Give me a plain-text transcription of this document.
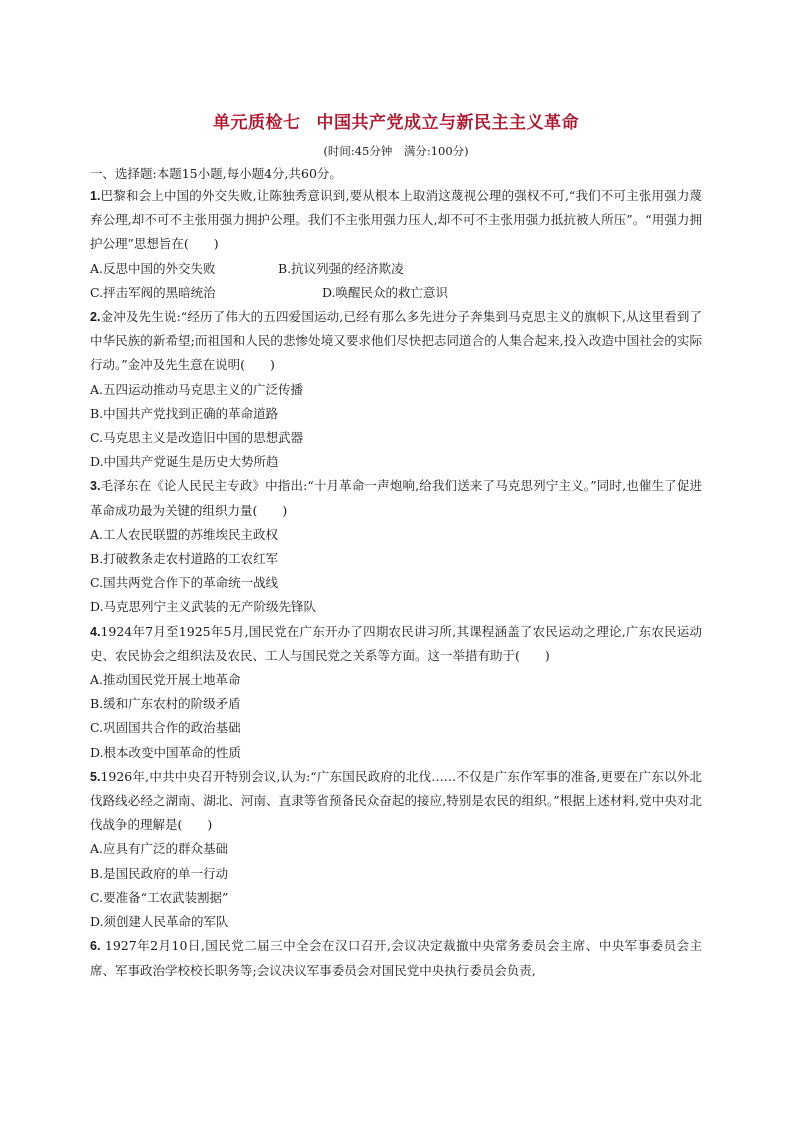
单元质检七 中国共产党成立与新民主主义革命
(时间:45分钟　满分:100分)

一、选择题:本题15小题,每小题4分,共60分。

1.巴黎和会上中国的外交失败,让陈独秀意识到,要从根本上取消这蔑视公理的强权不可,“我们不可主张用强力蔑弃公理,却不可不主张用强力拥护公理。我们不主张用强力压人,却不可不主张用强力抵抗被人所压”。“用强力拥护公理”思想旨在(　　)

A.反思中国的外交失败	B.抗议列强的经济欺凌

C.抨击军阀的黑暗统治	D.唤醒民众的救亡意识

2.金冲及先生说:“经历了伟大的五四爱国运动,已经有那么多先进分子奔集到马克思主义的旗帜下,从这里看到了中华民族的新希望;而祖国和人民的悲惨处境又要求他们尽快把志同道合的人集合起来,投入改造中国社会的实际行动。”金冲及先生意在说明(　　)

A.五四运动推动马克思主义的广泛传播

B.中国共产党找到正确的革命道路

C.马克思主义是改造旧中国的思想武器

D.中国共产党诞生是历史大势所趋

3.毛泽东在《论人民民主专政》中指出:“十月革命一声炮响,给我们送来了马克思列宁主义。”同时,也催生了促进革命成功最为关键的组织力量(　　)

A.工人农民联盟的苏维埃民主政权

B.打破教条走农村道路的工农红军

C.国共两党合作下的革命统一战线

D.马克思列宁主义武装的无产阶级先锋队

4.1924年7月至1925年5月,国民党在广东开办了四期农民讲习所,其课程涵盖了农民运动之理论,广东农民运动史、农民协会之组织法及农民、工人与国民党之关系等方面。这一举措有助于(　　)

A.推动国民党开展土地革命

B.缓和广东农村的阶级矛盾

C.巩固国共合作的政治基础

D.根本改变中国革命的性质

5.1926年,中共中央召开特别会议,认为:“广东国民政府的北伐……不仅是广东作军事的准备,更要在广东以外北伐路线必经之湖南、湖北、河南、直隶等省预备民众奋起的接应,特别是农民的组织。”根据上述材料,党中央对北伐战争的理解是(　　)

A.应具有广泛的群众基础

B.是国民政府的单一行动

C.要准备“工农武装割据”

D.须创建人民革命的军队

6. 1927年2月10日,国民党二届三中全会在汉口召开,会议决定裁撤中央常务委员会主席、中央军事委员会主席、军事政治学校校长职务等;会议决议军事委员会对国民党中央执行委员会负责,
